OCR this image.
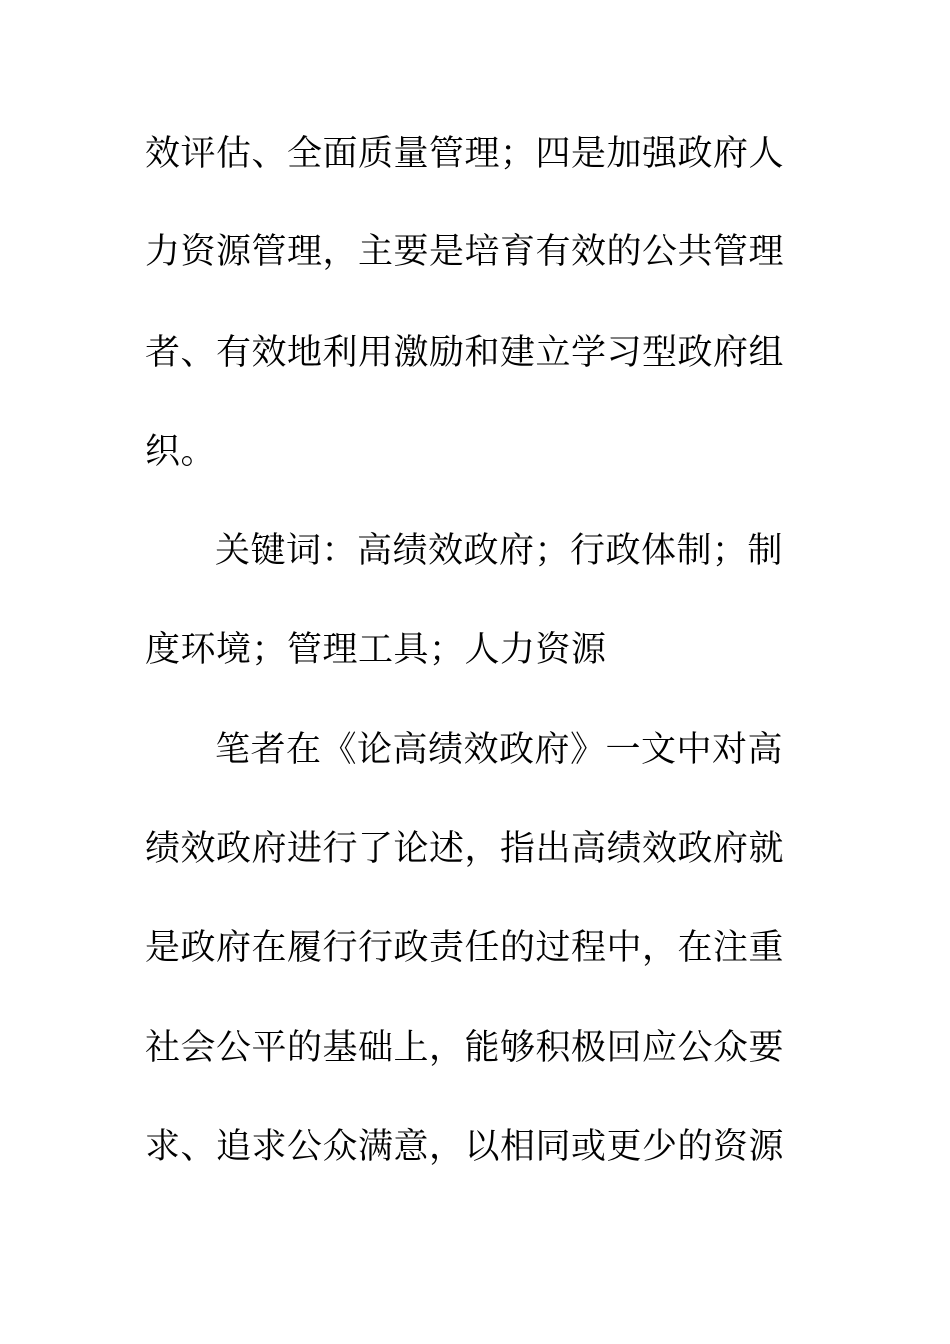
效评估、全面质量管理；四是加强政府人
力资源管理，主要是培育有效的公共管理
者、有效地利用激励和建立学习型政府组
织。
关键词：高绩效政府；行政体制；制
度环境；管理工具；人力资源
笔者在《论高绩效政府》一文中对高
绩效政府进行了论述，指出高绩效政府就
是政府在履行行政责任的过程中，在注重
社会公平的基础上，能够积极回应公众要
求、追求公众满意，以相同或更少的资源
